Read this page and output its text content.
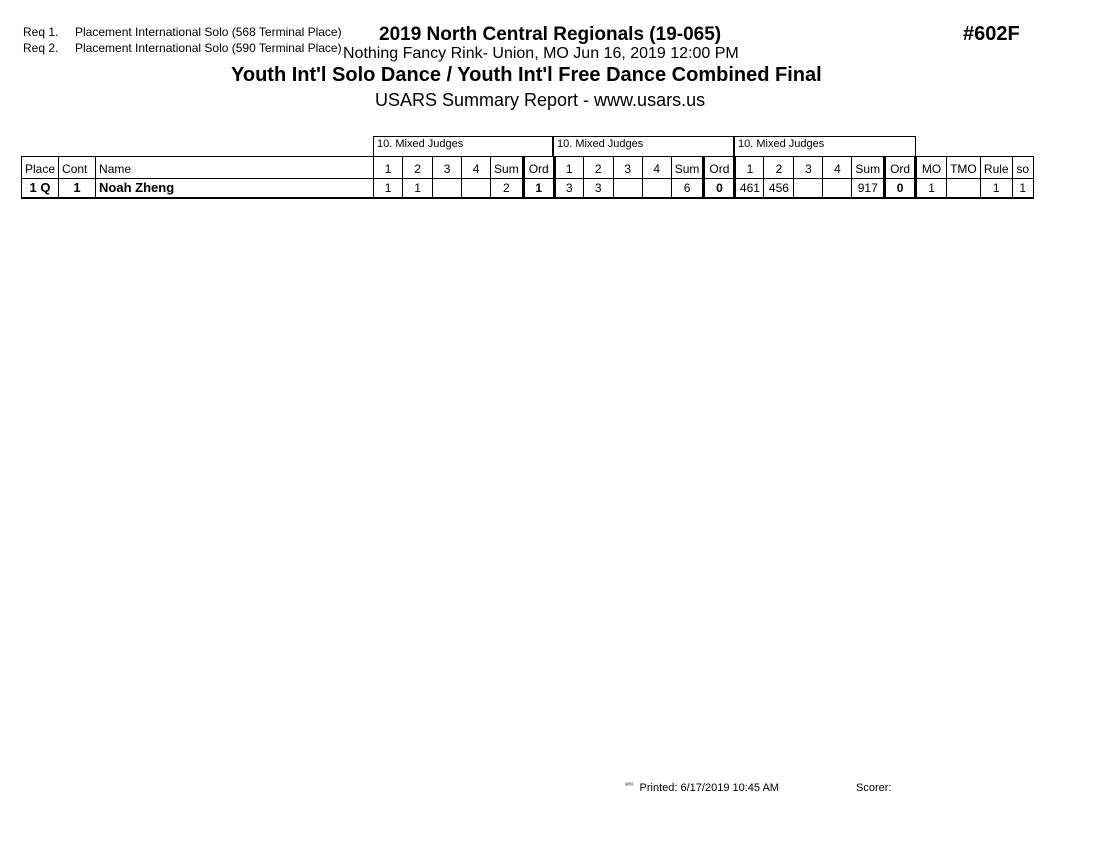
Req 1. Placement International Solo (568 Terminal Place)
Req 2. Placement International Solo (590 Terminal Place)
2019 North Central Regionals (19-065)
Nothing Fancy Rink- Union, MO Jun 16, 2019 12:00 PM
Youth Int'l Solo Dance / Youth Int'l Free Dance Combined Final
USARS Summary Report - www.usars.us
#602F
10. Mixed Judges	10. Mixed Judges	10. Mixed Judges
Place	Cont	Name	1	2	3	4	Sum	Ord	1	2	3	4	Sum	Ord	1	2	3	4	Sum	Ord	MO	TMO	Rule	so
1 Q	1	Noah Zheng	1	1			2	1	3	3			6	0	461	456			917	0	1		1	1
$^{^{3202}}$ Printed: 6/17/2019 10:45 AM	Scorer:
